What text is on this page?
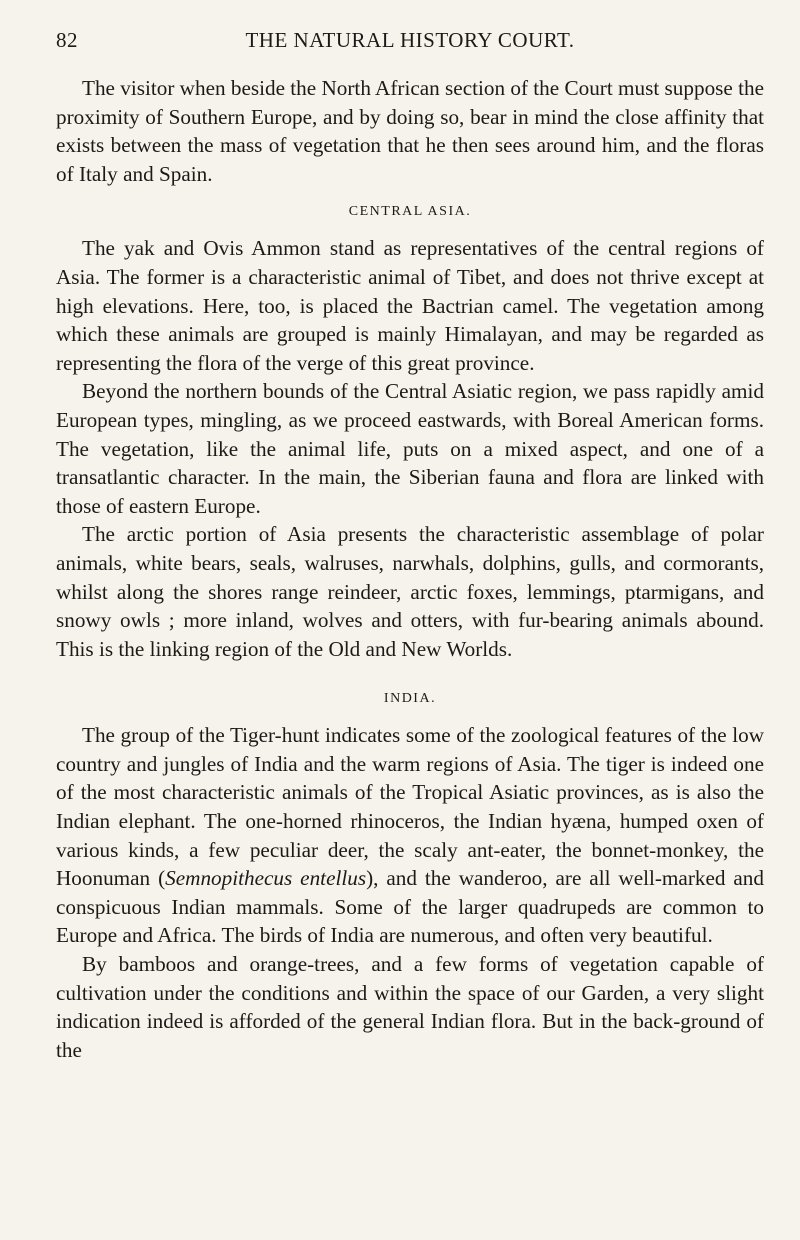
82	THE NATURAL HISTORY COURT.

The visitor when beside the North African section of the Court must suppose the proximity of Southern Europe, and by doing so, bear in mind the close affinity that exists between the mass of vegetation that he then sees around him, and the floras of Italy and Spain.

CENTRAL ASIA.

The yak and Ovis Ammon stand as representatives of the central regions of Asia. The former is a characteristic animal of Tibet, and does not thrive except at high elevations. Here, too, is placed the Bactrian camel. The vegetation among which these animals are grouped is mainly Himalayan, and may be regarded as representing the flora of the verge of this great province.

Beyond the northern bounds of the Central Asiatic region, we pass rapidly amid European types, mingling, as we proceed eastwards, with Boreal American forms. The vegetation, like the animal life, puts on a mixed aspect, and one of a transatlantic character. In the main, the Siberian fauna and flora are linked with those of eastern Europe.

The arctic portion of Asia presents the characteristic assemblage of polar animals, white bears, seals, walruses, narwhals, dolphins, gulls, and cormorants, whilst along the shores range reindeer, arctic foxes, lemmings, ptarmigans, and snowy owls ; more inland, wolves and otters, with fur-bearing animals abound. This is the linking region of the Old and New Worlds.

INDIA.

The group of the Tiger-hunt indicates some of the zoological features of the low country and jungles of India and the warm regions of Asia. The tiger is indeed one of the most characteristic animals of the Tropical Asiatic provinces, as is also the Indian elephant. The one-horned rhinoceros, the Indian hyæna, humped oxen of various kinds, a few peculiar deer, the scaly ant-eater, the bonnet-monkey, the Hoonuman (Semnopithecus entellus), and the wanderoo, are all well-marked and conspicuous Indian mammals. Some of the larger quadrupeds are common to Europe and Africa. The birds of India are numerous, and often very beautiful.

By bamboos and orange-trees, and a few forms of vegetation capable of cultivation under the conditions and within the space of our Garden, a very slight indication indeed is afforded of the general Indian flora. But in the back-ground of the
